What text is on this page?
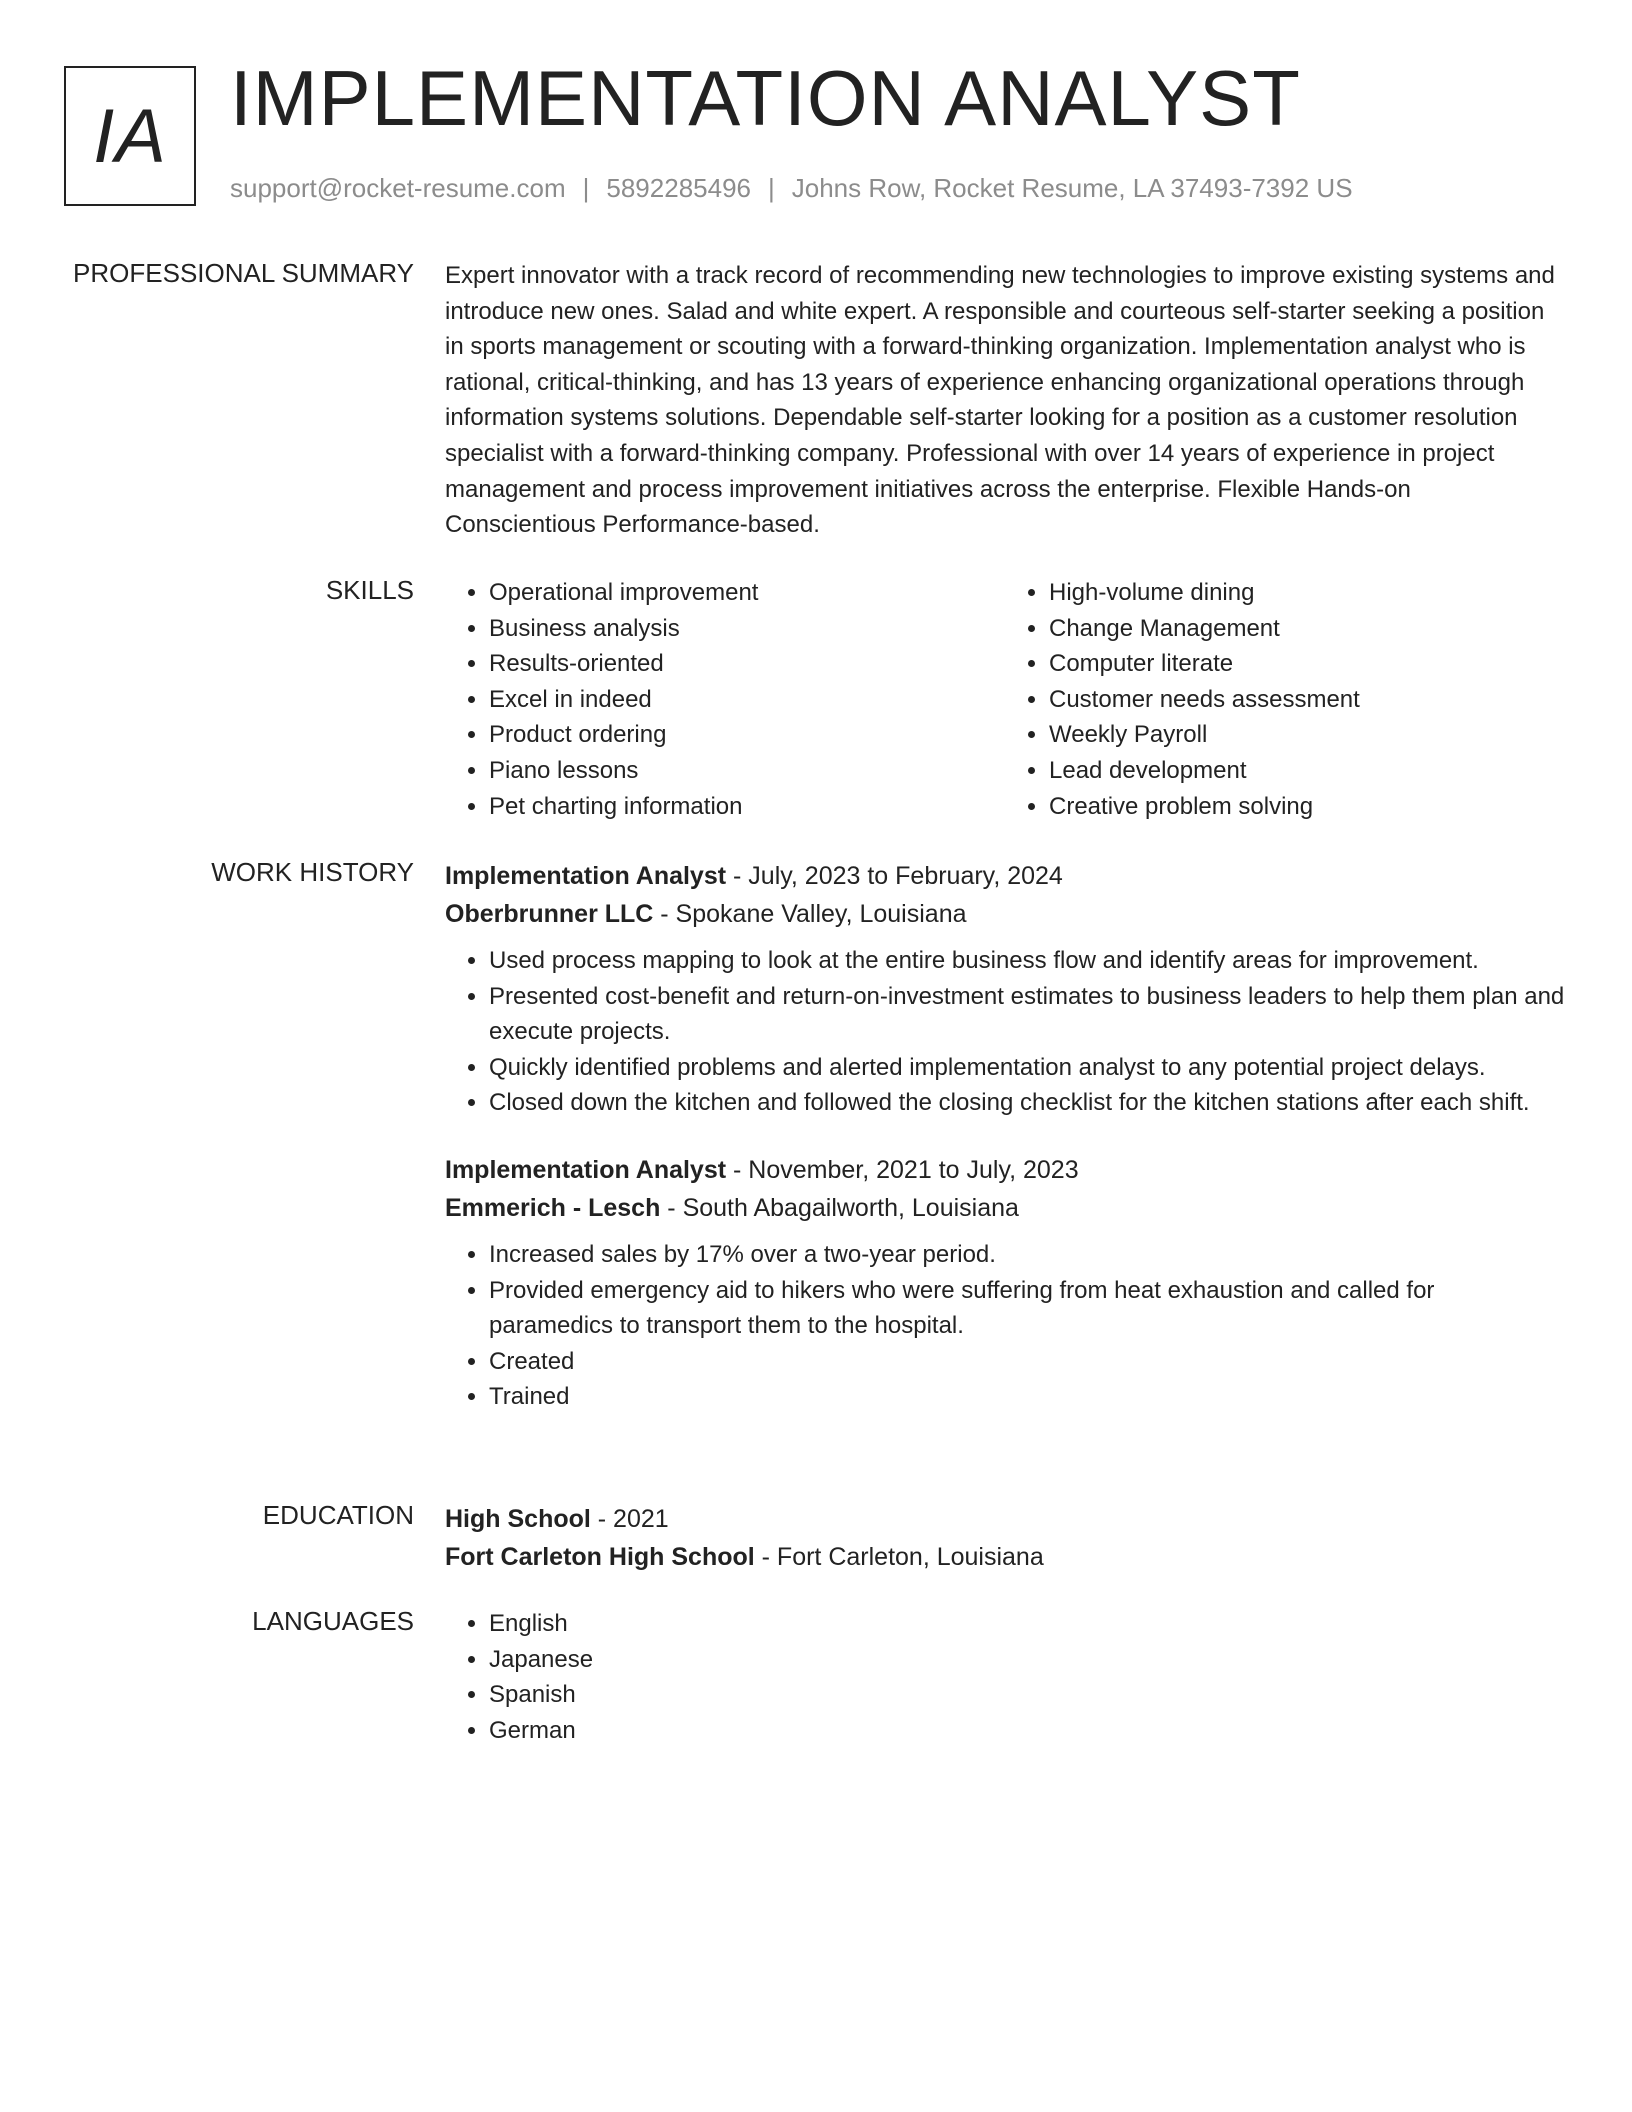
IA IMPLEMENTATION ANALYST
support@rocket-resume.com | 5892285496 | Johns Row, Rocket Resume, LA 37493-7392 US
PROFESSIONAL SUMMARY Expert innovator with a track record of recommending new technologies to improve existing systems and introduce new ones. Salad and white expert. A responsible and courteous self-starter seeking a position in sports management or scouting with a forward-thinking organization. Implementation analyst who is rational, critical-thinking, and has 13 years of experience enhancing organizational operations through information systems solutions. Dependable self-starter looking for a position as a customer resolution specialist with a forward-thinking company. Professional with over 14 years of experience in project management and process improvement initiatives across the enterprise. Flexible Hands-on Conscientious Performance-based.
SKILLS	• Operational improvement
• Business analysis
• Results-oriented
• Excel in indeed
• Product ordering
• Piano lessons
• Pet charting information
• High-volume dining
• Change Management
• Computer literate
• Customer needs assessment
• Weekly Payroll
• Lead development
• Creative problem solving
WORK HISTORY Implementation Analyst - July, 2023 to February, 2024
Oberbrunner LLC - Spokane Valley, Louisiana
• Used process mapping to look at the entire business flow and identify areas for improvement.
• Presented cost-benefit and return-on-investment estimates to business leaders to help them plan and execute projects.
• Quickly identified problems and alerted implementation analyst to any potential project delays.
• Closed down the kitchen and followed the closing checklist for the kitchen stations after each shift.
Implementation Analyst - November, 2021 to July, 2023
Emmerich - Lesch - South Abagailworth, Louisiana
• Increased sales by 17% over a two-year period.
• Provided emergency aid to hikers who were suffering from heat exhaustion and called for paramedics to transport them to the hospital.
• Created
• Trained
EDUCATION High School - 2021
Fort Carleton High School - Fort Carleton, Louisiana
LANGUAGES	• English
• Japanese
• Spanish
• German
